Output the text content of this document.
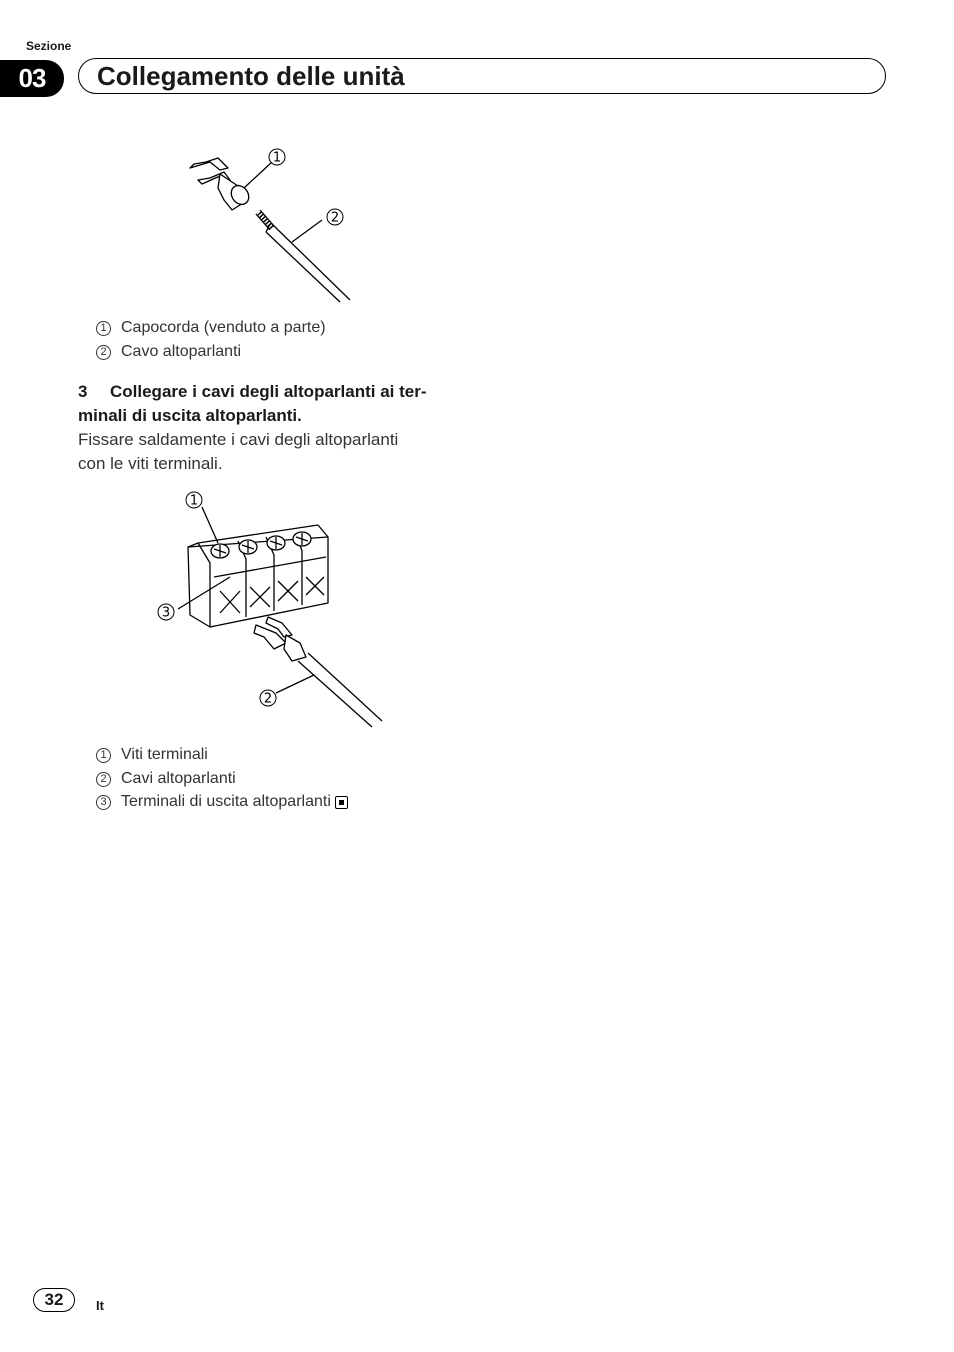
Sezione
03	Collegamento delle unità
1
2
1 Capocorda (venduto a parte)
2 Cavo altoparlanti
3 Collegare i cavi degli altoparlanti ai ter-
minali di uscita altoparlanti.
Fissare saldamente i cavi degli altoparlanti
con le viti terminali.
1
3
2
1 Viti terminali
2 Cavi altoparlanti
3 Terminali di uscita altoparlanti
32	It
